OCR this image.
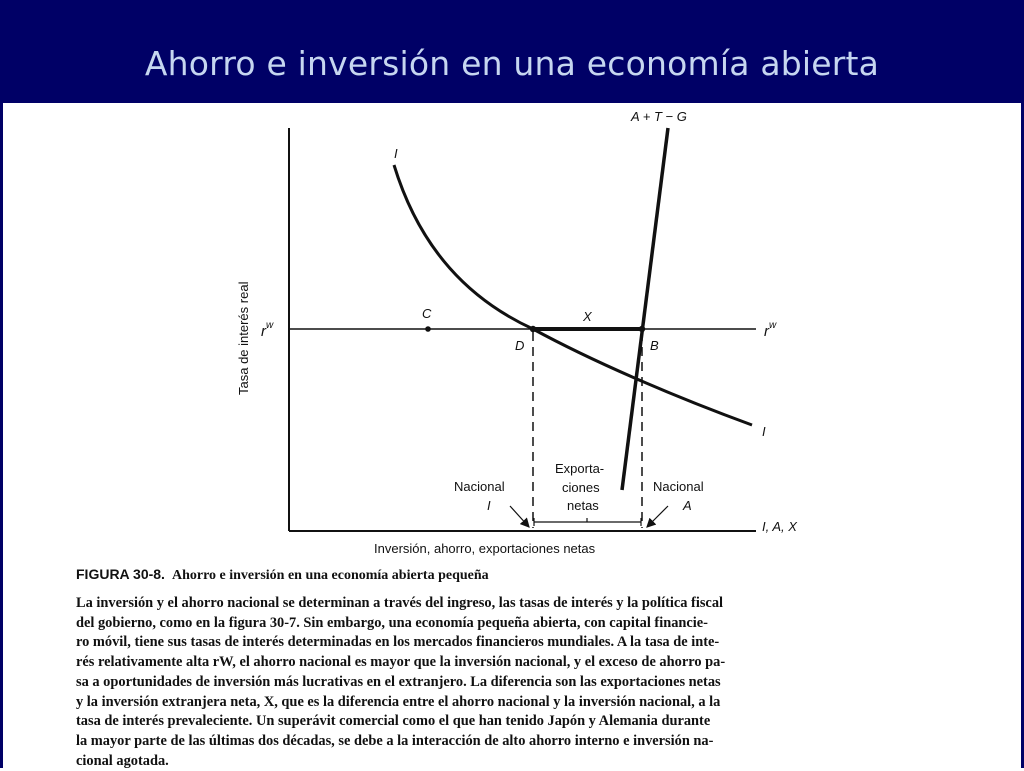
Ahorro e inversión en una economía abierta
Tasa de interés real $r^w$	$r^w$
I
I
A + T − G
C
D	B
X
Nacional
I
Exporta-
ciones
netas
Nacional
A
I, A, X
Inversión, ahorro, exportaciones netas
FIGURA 30-8. Ahorro e inversión en una economía abierta pequeña
La inversión y el ahorro nacional se determinan a través del ingreso, las tasas de interés y la política fiscal
del gobierno, como en la figura 30-7. Sin embargo, una economía pequeña abierta, con capital financie-
ro móvil, tiene sus tasas de interés determinadas en los mercados financieros mundiales. A la tasa de inte-
rés relativamente alta rW, el ahorro nacional es mayor que la inversión nacional, y el exceso de ahorro pa-
sa a oportunidades de inversión más lucrativas en el extranjero. La diferencia son las exportaciones netas
y la inversión extranjera neta, X, que es la diferencia entre el ahorro nacional y la inversión nacional, a la
tasa de interés prevaleciente. Un superávit comercial como el que han tenido Japón y Alemania durante
la mayor parte de las últimas dos décadas, se debe a la interacción de alto ahorro interno e inversión na-
cional agotada.
